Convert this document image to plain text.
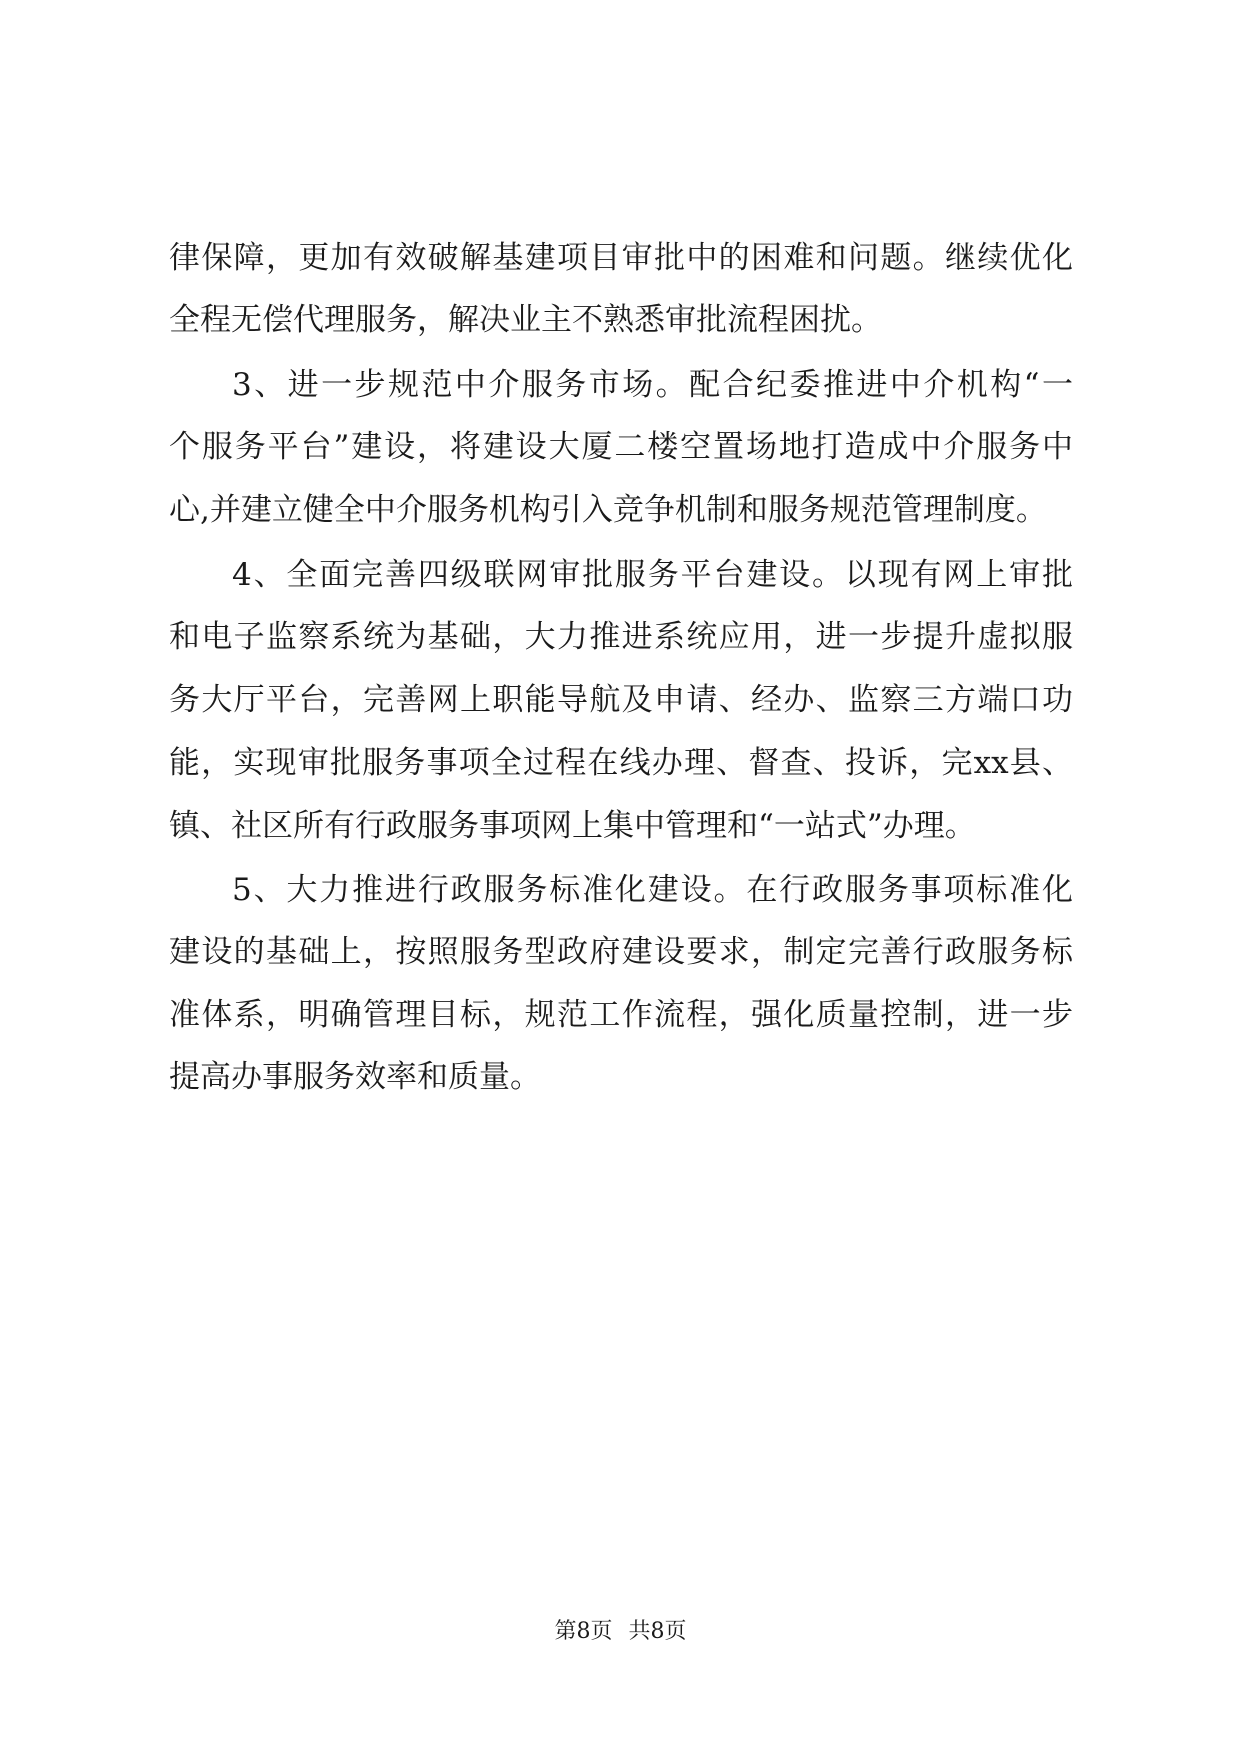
律保障，更加有效破解基建项目审批中的困难和问题。继续优化
全程无偿代理服务，解决业主不熟悉审批流程困扰。
3、进一步规范中介服务市场。配合纪委推进中介机构“一
个服务平台”建设，将建设大厦二楼空置场地打造成中介服务中
心,并建立健全中介服务机构引入竞争机制和服务规范管理制度。
4、全面完善四级联网审批服务平台建设。以现有网上审批
和电子监察系统为基础，大力推进系统应用，进一步提升虚拟服
务大厅平台，完善网上职能导航及申请、经办、监察三方端口功
能，实现审批服务事项全过程在线办理、督查、投诉，完xx县、
镇、社区所有行政服务事项网上集中管理和“一站式”办理。
5、大力推进行政服务标准化建设。在行政服务事项标准化
建设的基础上，按照服务型政府建设要求，制定完善行政服务标
准体系，明确管理目标，规范工作流程，强化质量控制，进一步
提高办事服务效率和质量。
第8页 共8页
